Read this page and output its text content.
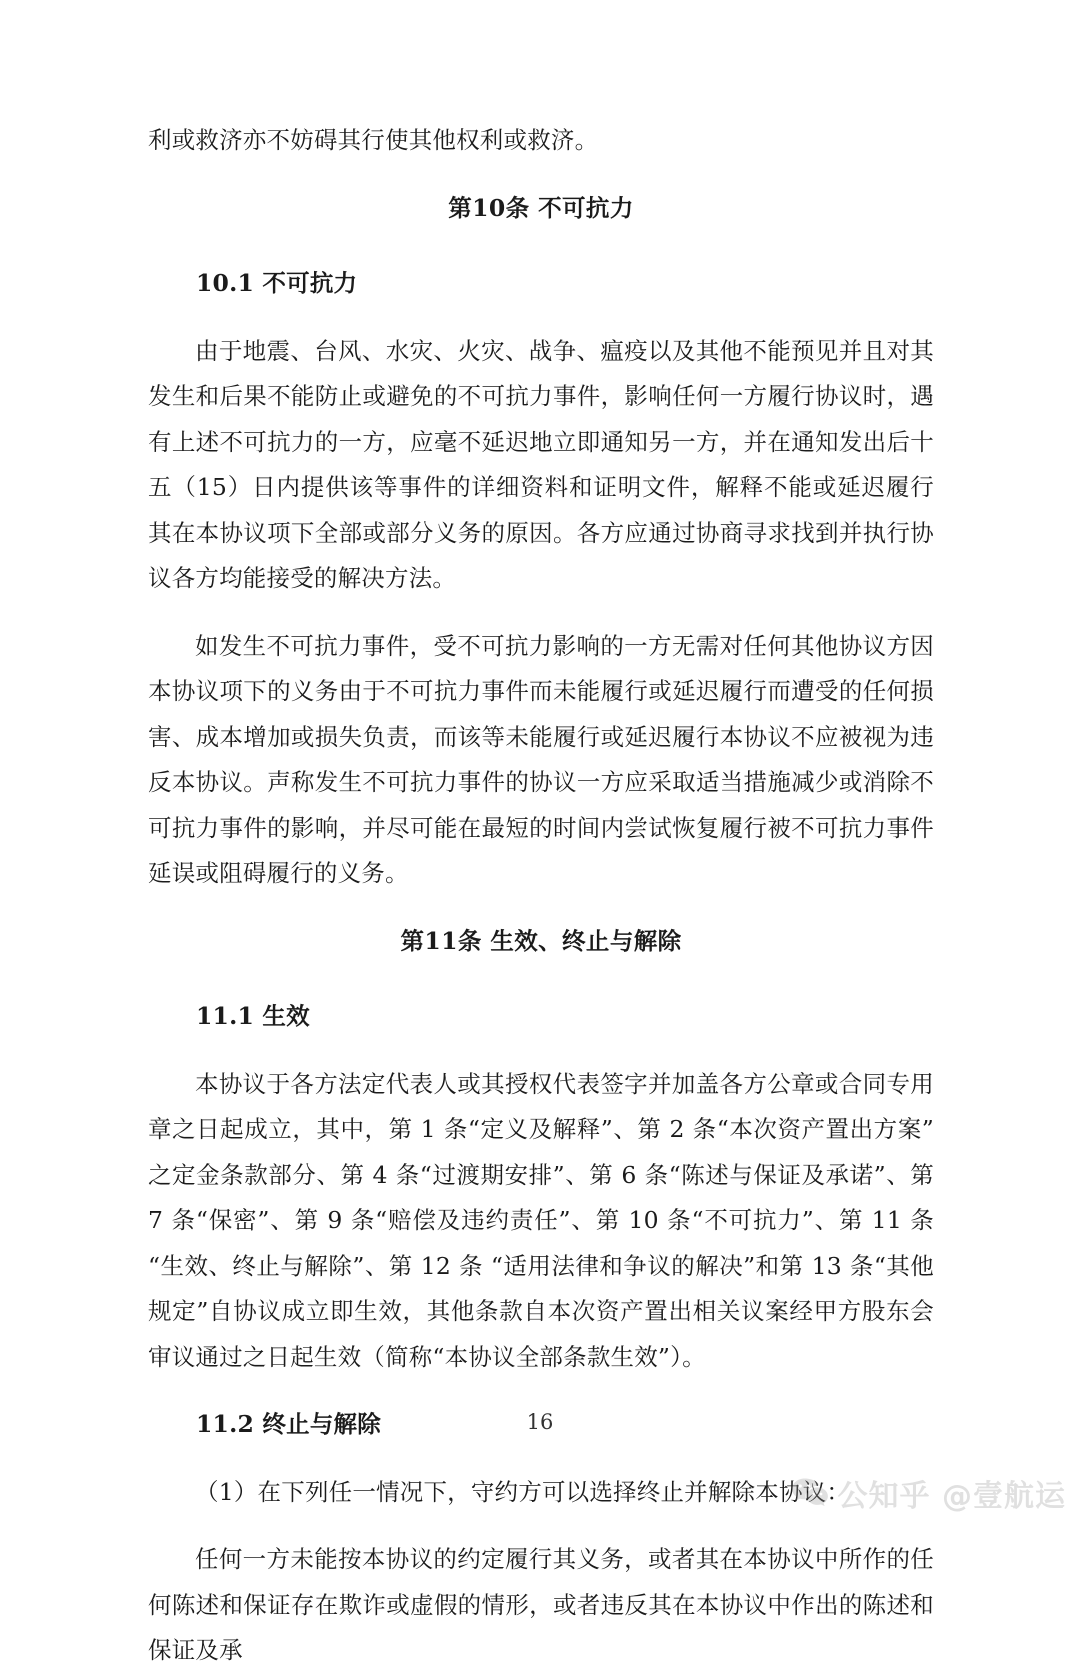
利或救济亦不妨碍其行使其他权利或救济。

第10条 不可抗力
10.1 不可抗力

由于地震、台风、水灾、火灾、战争、瘟疫以及其他不能预见并且对其发生和后果不能防止或避免的不可抗力事件，影响任何一方履行协议时，遇有上述不可抗力的一方，应毫不延迟地立即通知另一方，并在通知发出后十五（15）日内提供该等事件的详细资料和证明文件，解释不能或延迟履行其在本协议项下全部或部分义务的原因。各方应通过协商寻求找到并执行协议各方均能接受的解决方法。

如发生不可抗力事件，受不可抗力影响的一方无需对任何其他协议方因本协议项下的义务由于不可抗力事件而未能履行或延迟履行而遭受的任何损害、成本增加或损失负责，而该等未能履行或延迟履行本协议不应被视为违反本协议。声称发生不可抗力事件的协议一方应采取适当措施减少或消除不可抗力事件的影响，并尽可能在最短的时间内尝试恢复履行被不可抗力事件延误或阻碍履行的义务。

第11条 生效、终止与解除
11.1 生效

本协议于各方法定代表人或其授权代表签字并加盖各方公章或合同专用章之日起成立，其中，第 1 条“定义及解释”、第 2 条“本次资产置出方案”之定金条款部分、第 4 条“过渡期安排”、第 6 条“陈述与保证及承诺”、第 7 条“保密”、第 9 条“赔偿及违约责任”、第 10 条“不可抗力”、第 11 条“生效、终止与解除”、第 12 条 “适用法律和争议的解决”和第 13 条“其他规定”自协议成立即生效，其他条款自本次资产置出相关议案经甲方股东会审议通过之日起生效（简称“本协议全部条款生效”）。

11.2 终止与解除

（1）在下列任一情况下，守约方可以选择终止并解除本协议：

任何一方未能按本协议的约定履行其义务，或者其在本协议中所作的任何陈述和保证存在欺诈或虚假的情形，或者违反其在本协议中作出的陈述和保证及承

16
公知乎 @壹航运
